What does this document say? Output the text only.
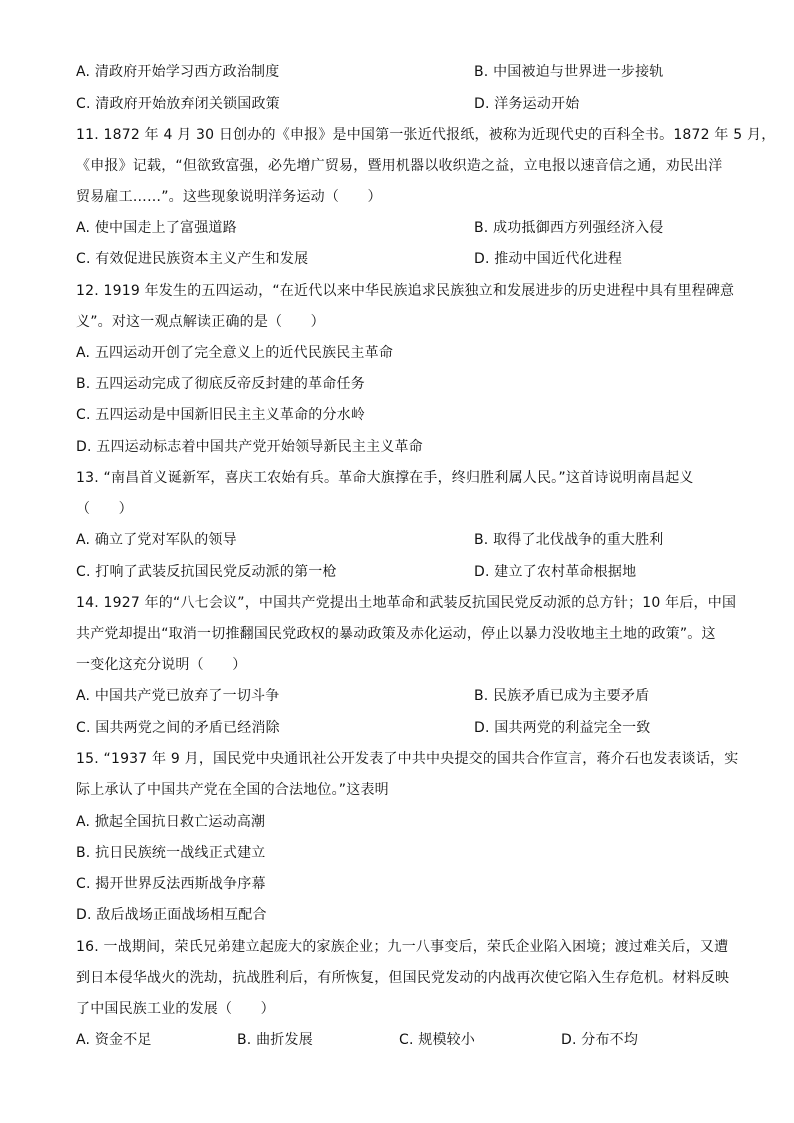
A. 清政府开始学习西方政治制度	B. 中国被迫与世界进一步接轨
C. 清政府开始放弃闭关锁国政策	D. 洋务运动开始
11. 1872 年 4 月 30 日创办的《申报》是中国第一张近代报纸，被称为近现代史的百科全书。1872 年 5 月，
《申报》记载，“但欲致富强，必先增广贸易，暨用机器以收织造之益，立电报以速音信之通，劝民出洋
贸易雇工……”。这些现象说明洋务运动（　　）
A. 使中国走上了富强道路	B. 成功抵御西方列强经济入侵
C. 有效促进民族资本主义产生和发展	D. 推动中国近代化进程
12. 1919 年发生的五四运动，“在近代以来中华民族追求民族独立和发展进步的历史进程中具有里程碑意
义”。对这一观点解读正确的是（　　）
A. 五四运动开创了完全意义上的近代民族民主革命
B. 五四运动完成了彻底反帝反封建的革命任务
C. 五四运动是中国新旧民主主义革命的分水岭
D. 五四运动标志着中国共产党开始领导新民主主义革命
13. “南昌首义诞新军，喜庆工农始有兵。革命大旗撑在手，终归胜利属人民。”这首诗说明南昌起义
（　　）
A. 确立了党对军队的领导	B. 取得了北伐战争的重大胜利
C. 打响了武装反抗国民党反动派的第一枪	D. 建立了农村革命根据地
14. 1927 年的“八七会议”，中国共产党提出土地革命和武装反抗国民党反动派的总方针；10 年后，中国
共产党却提出“取消一切推翻国民党政权的暴动政策及赤化运动，停止以暴力没收地主土地的政策”。这
一变化这充分说明（　　）
A. 中国共产党已放弃了一切斗争	B. 民族矛盾已成为主要矛盾
C. 国共两党之间的矛盾已经消除	D. 国共两党的利益完全一致
15. “1937 年 9 月，国民党中央通讯社公开发表了中共中央提交的国共合作宣言，蒋介石也发表谈话，实
际上承认了中国共产党在全国的合法地位。”这表明
A. 掀起全国抗日救亡运动高潮
B. 抗日民族统一战线正式建立
C. 揭开世界反法西斯战争序幕
D. 敌后战场正面战场相互配合
16. 一战期间，荣氏兄弟建立起庞大的家族企业；九一八事变后，荣氏企业陷入困境；渡过难关后，又遭
到日本侵华战火的洗劫，抗战胜利后，有所恢复，但国民党发动的内战再次使它陷入生存危机。材料反映
了中国民族工业的发展（　　）
A. 资金不足	B. 曲折发展	C. 规模较小	D. 分布不均
